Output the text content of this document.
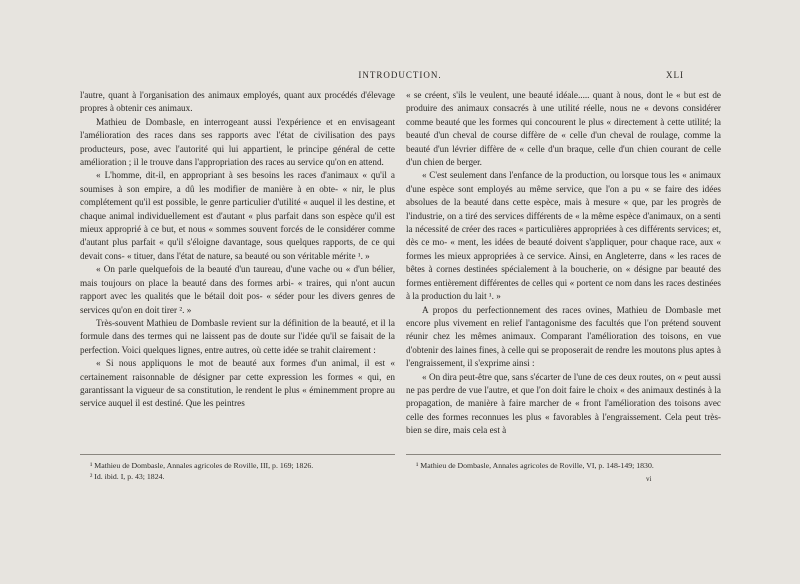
INTRODUCTION.	XLI

l'autre, quant à l'organisation des animaux employés, quant aux procédés d'élevage propres à obtenir ces animaux.

Mathieu de Dombasle, en interrogeant aussi l'expérience et en envisageant l'amélioration des races dans ses rapports avec l'état de civilisation des pays producteurs, pose, avec l'autorité qui lui appartient, le principe général de cette amélioration ; il le trouve dans l'appropriation des races au service qu'on en attend.

« L'homme, dit-il, en appropriant à ses besoins les races d'animaux « qu'il a soumises à son empire, a dû les modifier de manière à en obte- « nir, le plus complétement qu'il est possible, le genre particulier d'utilité « auquel il les destine, et chaque animal individuellement est d'autant « plus parfait dans son espèce qu'il est mieux approprié à ce but, et nous « sommes souvent forcés de le considérer comme d'autant plus parfait « qu'il s'éloigne davantage, sous quelques rapports, de ce qui devait cons- « tituer, dans l'état de nature, sa beauté ou son véritable mérite ¹. »

« On parle quelquefois de la beauté d'un taureau, d'une vache ou « d'un bélier, mais toujours on place la beauté dans des formes arbi- « traires, qui n'ont aucun rapport avec les qualités que le bétail doit pos- « séder pour les divers genres de services qu'on en doit tirer ². »

Très-souvent Mathieu de Dombasle revient sur la définition de la beauté, et il la formule dans des termes qui ne laissent pas de doute sur l'idée qu'il se faisait de la perfection. Voici quelques lignes, entre autres, où cette idée se trahit clairement :

« Si nous appliquons le mot de beauté aux formes d'un animal, il est « certainement raisonnable de désigner par cette expression les formes « qui, en garantissant la vigueur de sa constitution, le rendent le plus « éminemment propre au service auquel il est destiné. Que les peintres

¹ Mathieu de Dombasle, Annales agricoles de Roville, III, p. 169; 1826.

² Id. ibid. I, p. 43; 1824.

« se créent, s'ils le veulent, une beauté idéale..... quant à nous, dont le « but est de produire des animaux consacrés à une utilité réelle, nous ne « devons considérer comme beauté que les formes qui concourent le plus « directement à cette utilité; la beauté d'un cheval de course diffère de « celle d'un cheval de roulage, comme la beauté d'un lévrier diffère de « celle d'un braque, celle d'un chien courant de celle d'un chien de berger.

« C'est seulement dans l'enfance de la production, ou lorsque tous les « animaux d'une espèce sont employés au même service, que l'on a pu « se faire des idées absolues de la beauté dans cette espèce, mais à mesure « que, par les progrès de l'industrie, on a tiré des services différents de « la même espèce d'animaux, on a senti la nécessité de créer des races « particulières appropriées à ces différents services; et, dès ce mo- « ment, les idées de beauté doivent s'appliquer, pour chaque race, aux « formes les mieux appropriées à ce service. Ainsi, en Angleterre, dans « les races de bêtes à cornes destinées spécialement à la boucherie, on « désigne par beauté des formes entièrement différentes de celles qui « portent ce nom dans les races destinées à la production du lait ¹. »

A propos du perfectionnement des races ovines, Mathieu de Dombasle met encore plus vivement en relief l'antagonisme des facultés que l'on prétend souvent réunir chez les mêmes animaux. Comparant l'amélioration des toisons, en vue d'obtenir des laines fines, à celle qui se proposerait de rendre les moutons plus aptes à l'engraissement, il s'exprime ainsi :

« On dira peut-être que, sans s'écarter de l'une de ces deux routes, on « peut aussi ne pas perdre de vue l'autre, et que l'on doit faire le choix « des animaux destinés à la propagation, de manière à faire marcher de « front l'amélioration des toisons avec celle des formes reconnues les plus « favorables à l'engraissement. Cela peut très-bien se dire, mais cela est à

¹ Mathieu de Dombasle, Annales agricoles de Roville, VI, p. 148-149; 1830.

vi
